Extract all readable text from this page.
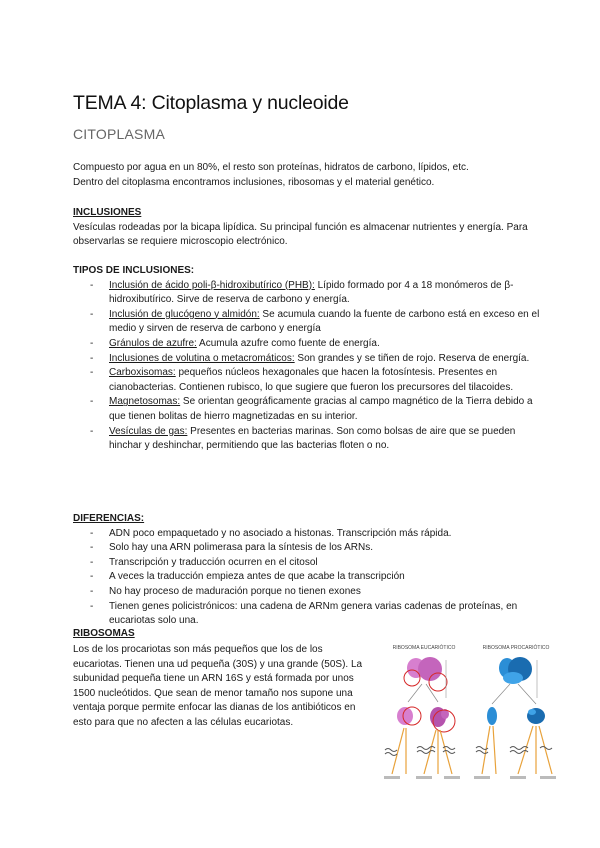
TEMA 4: Citoplasma y nucleoide
CITOPLASMA

Compuesto por agua en un 80%, el resto son proteínas, hidratos de carbono, lípidos, etc.

Dentro del citoplasma encontramos inclusiones, ribosomas y el material genético.

INCLUSIONES

Vesículas rodeadas por la bicapa lipídica. Su principal función es almacenar nutrientes y energía. Para observarlas se requiere microscopio electrónico.

TIPOS DE INCLUSIONES:

- Inclusión de ácido poli-β-hidroxibutírico (PHB): Lípido formado por 4 a 18 monómeros de β-hidroxibutírico. Sirve de reserva de carbono y energía.
- Inclusión de glucógeno y almidón: Se acumula cuando la fuente de carbono está en exceso en el medio y sirven de reserva de carbono y energía
- Gránulos de azufre: Acumula azufre como fuente de energía.
- Inclusiones de volutina o metacromáticos: Son grandes y se tiñen de rojo. Reserva de energía.
- Carboxisomas: pequeños núcleos hexagonales que hacen la fotosíntesis. Presentes en cianobacterias. Contienen rubisco, lo que sugiere que fueron los precursores del tilacoides.
- Magnetosomas: Se orientan geográficamente gracias al campo magnético de la Tierra debido a que tienen bolitas de hierro magnetizadas en su interior.
- Vesículas de gas: Presentes en bacterias marinas. Son como bolsas de aire que se pueden hinchar y deshinchar, permitiendo que las bacterias floten o no.

DIFERENCIAS:

- ADN poco empaquetado y no asociado a histonas. Transcripción más rápida.
- Solo hay una ARN polimerasa para la síntesis de los ARNs.
- Transcripción y traducción ocurren en el citosol
- A veces la traducción empieza antes de que acabe la transcripción
- No hay proceso de maduración porque no tienen exones
- Tienen genes policistrónicos: una cadena de ARNm genera varias cadenas de proteínas, en eucariotas solo una.

RIBOSOMAS

Los de los procariotas son más pequeños que los de los eucariotas. Tienen una ud pequeña (30S) y una grande (50S). La subunidad pequeña tiene un ARN 16S y está formada por unos 1500 nucleótidos. Que sean de menor tamaño nos supone una ventaja porque permite enfocar las dianas de los antibióticos en esto para que no afecten a las células eucariotas.

RIBOSOMA EUCARIÓTICO	RIBOSOMA PROCARIÓTICO
